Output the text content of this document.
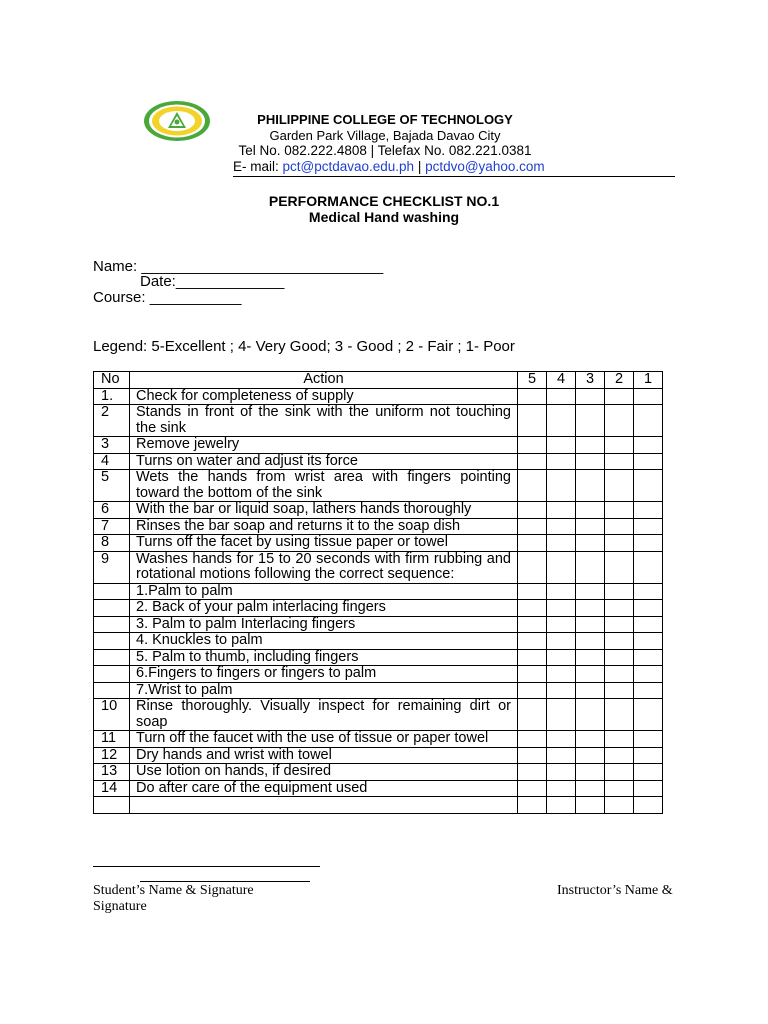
PHILIPPINE COLLEGE OF TECHNOLOGY
Garden Park Village, Bajada Davao City
Tel No. 082.222.4808 | Telefax No. 082.221.0381
E- mail: pct@pctdavao.edu.ph | pctdvo@yahoo.com
PERFORMANCE CHECKLIST NO.1
Medical Hand washing
Name: _____________________________
Date:_____________
Course: ___________
Legend: 5-Excellent ; 4- Very Good; 3 - Good ; 2 - Fair ; 1- Poor
No	Action	5	4	3	2	1
1.	Check for completeness of supply					
2	Stands in front of the sink with the uniform not touching the sink					
3	Remove jewelry					
4	Turns on water and adjust its force					
5	Wets the hands from wrist area with fingers pointing toward the bottom of the sink					
6	With the bar or liquid soap, lathers hands thoroughly					
7	Rinses the bar soap and returns it to the soap dish					
8	Turns off the facet by using tissue paper or towel					
9	Washes hands for 15 to 20 seconds with firm rubbing and rotational motions following the correct sequence:					
	1.Palm to palm					
	2. Back of your palm interlacing fingers					
	3. Palm to palm Interlacing fingers					
	4. Knuckles to palm					
	5. Palm to thumb, including fingers					
	6.Fingers to fingers or fingers to palm					
	7.Wrist to palm					
10	Rinse thoroughly. Visually inspect for remaining dirt or soap					
11	Turn off the faucet with the use of tissue or paper towel					
12	Dry hands and wrist with towel					
13	Use lotion on hands, if desired					
14	Do after care of the equipment used					

Student’s Name & Signature	Instructor’s Name &
Signature
